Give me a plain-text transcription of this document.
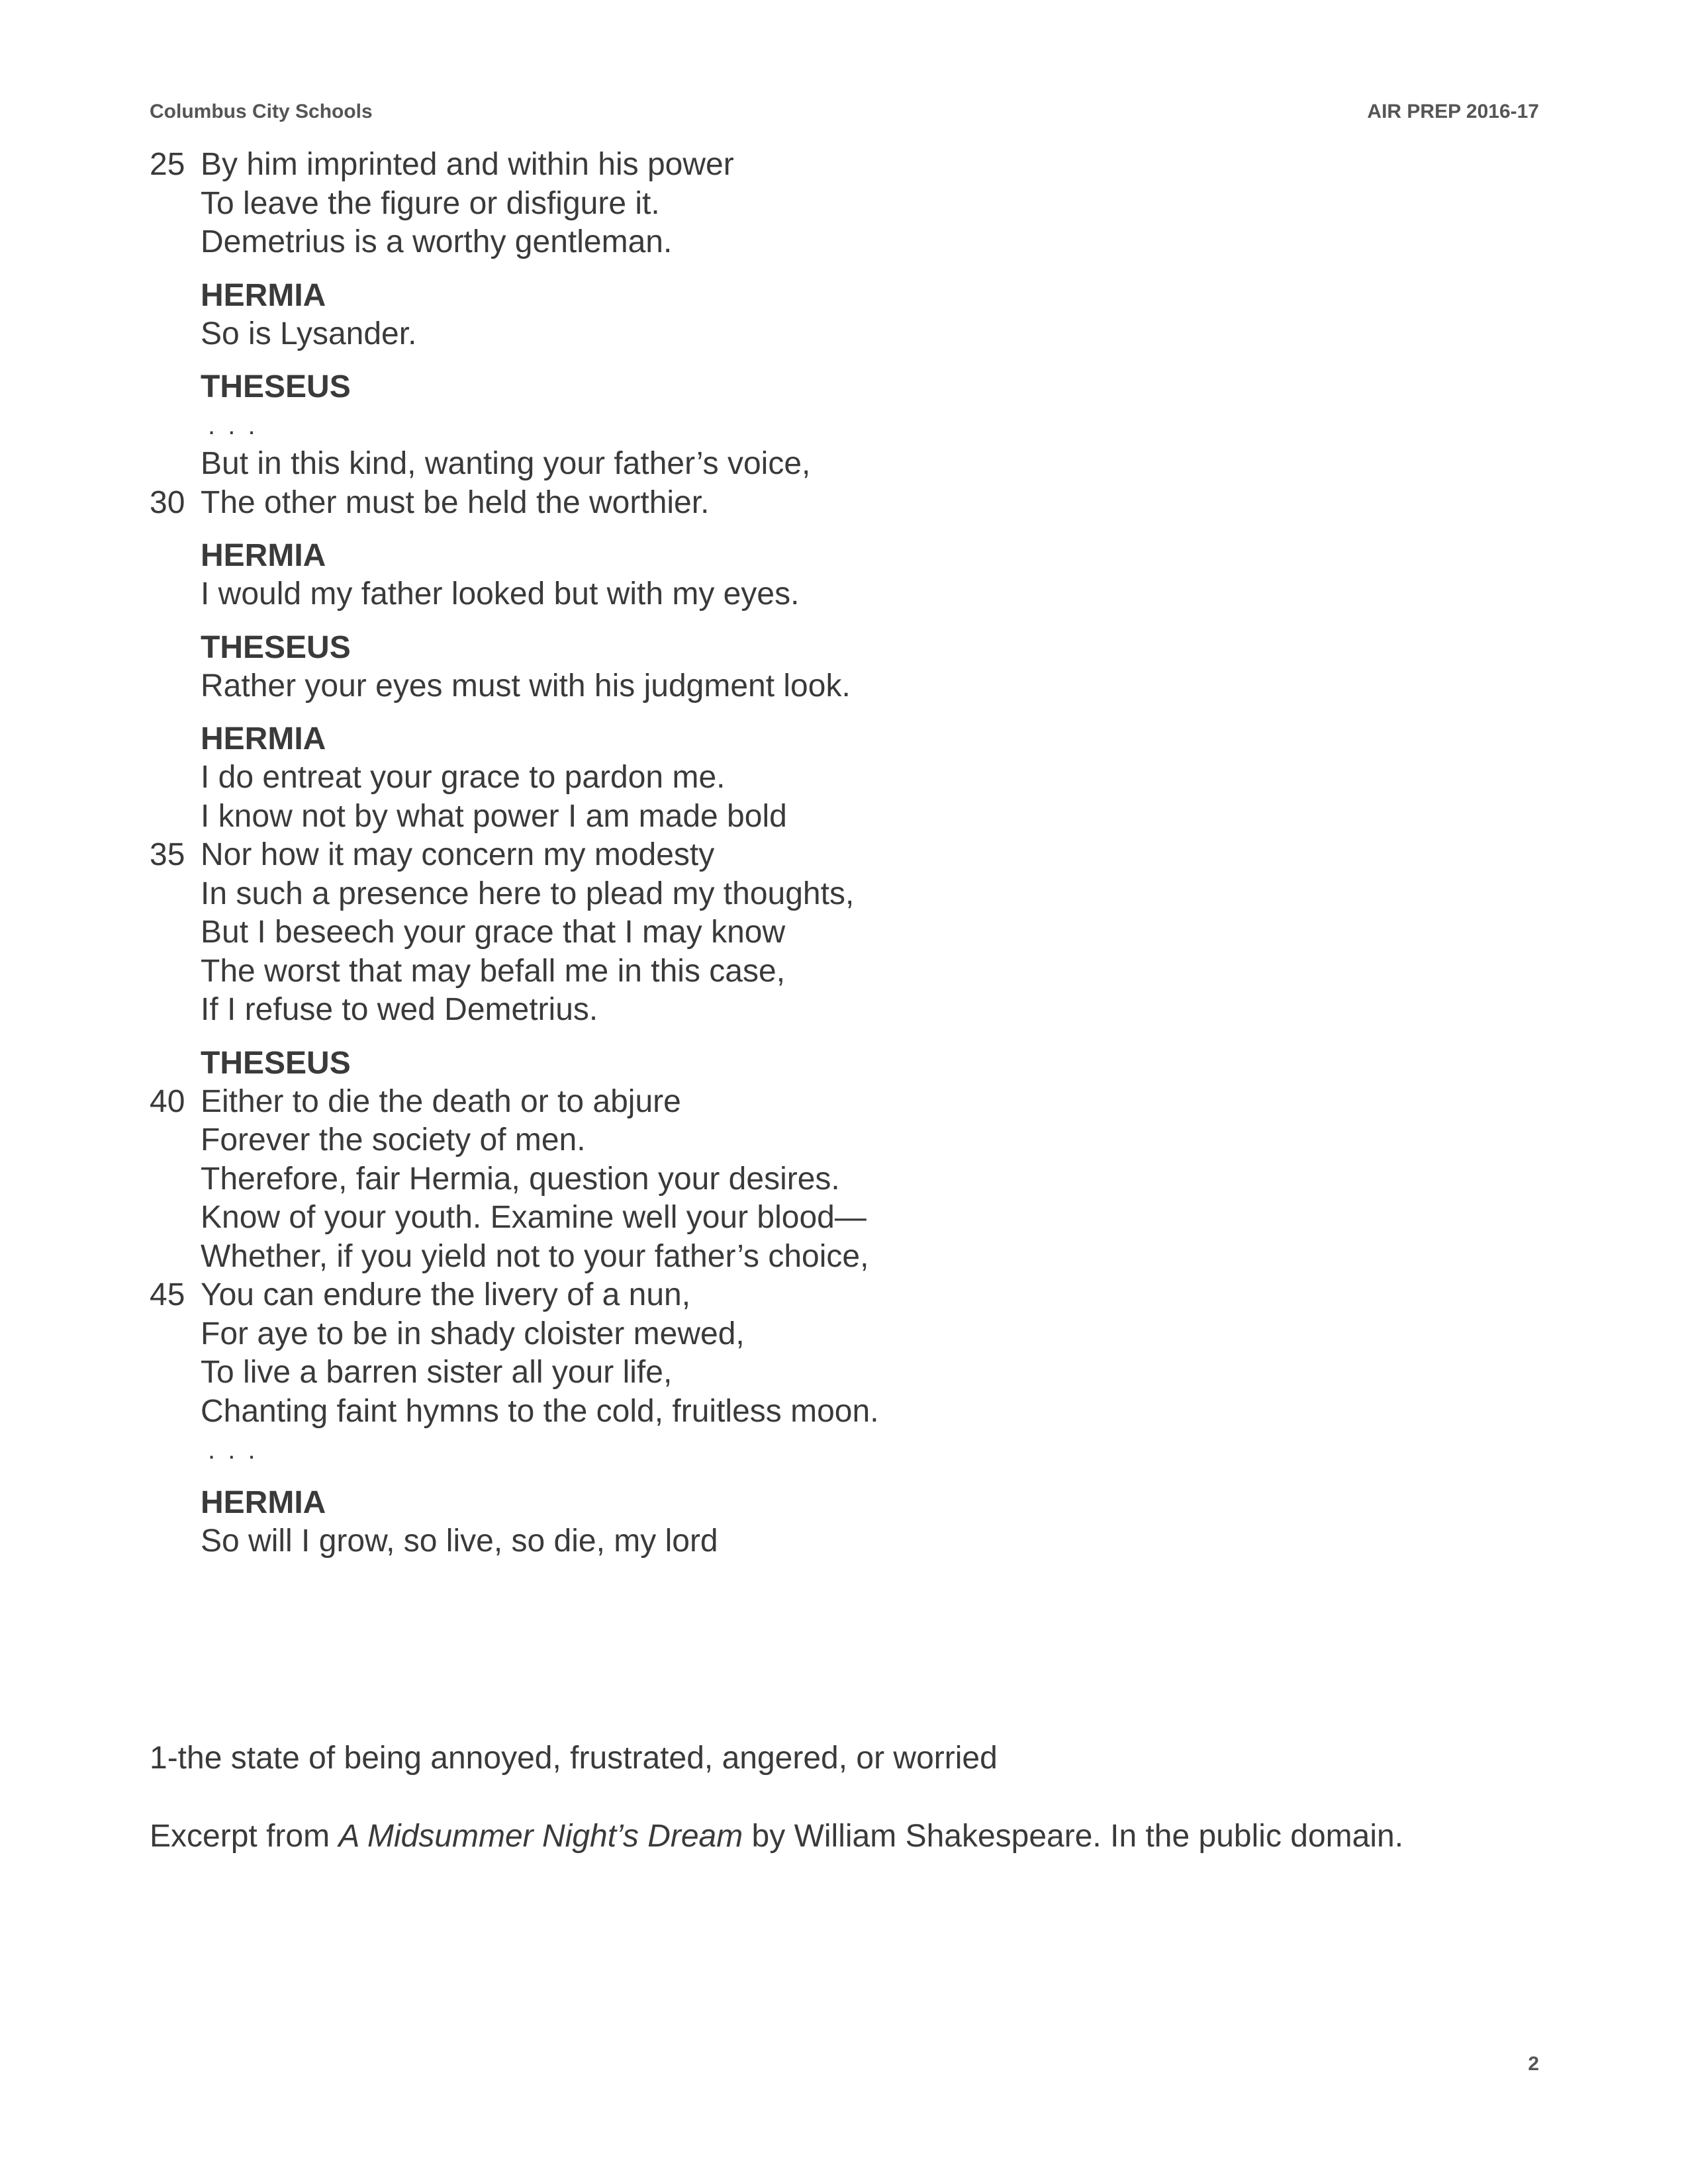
Columbus City Schools	AIR PREP 2016-17
25 By him imprinted and within his power
To leave the figure or disfigure it.
Demetrius is a worthy gentleman.
HERMIA
So is Lysander.
THESEUS
. . .
But in this kind, wanting your father’s voice,
30 The other must be held the worthier.
HERMIA
I would my father looked but with my eyes.
THESEUS
Rather your eyes must with his judgment look.
HERMIA
I do entreat your grace to pardon me.
I know not by what power I am made bold
35 Nor how it may concern my modesty
In such a presence here to plead my thoughts,
But I beseech your grace that I may know
The worst that may befall me in this case,
If I refuse to wed Demetrius.
THESEUS
40 Either to die the death or to abjure
Forever the society of men.
Therefore, fair Hermia, question your desires.
Know of your youth. Examine well your blood—
Whether, if you yield not to your father’s choice,
45 You can endure the livery of a nun,
For aye to be in shady cloister mewed,
To live a barren sister all your life,
Chanting faint hymns to the cold, fruitless moon.
. . .
HERMIA
So will I grow, so live, so die, my lord
1-the state of being annoyed, frustrated, angered, or worried
Excerpt from A Midsummer Night’s Dream by William Shakespeare. In the public domain.
2
